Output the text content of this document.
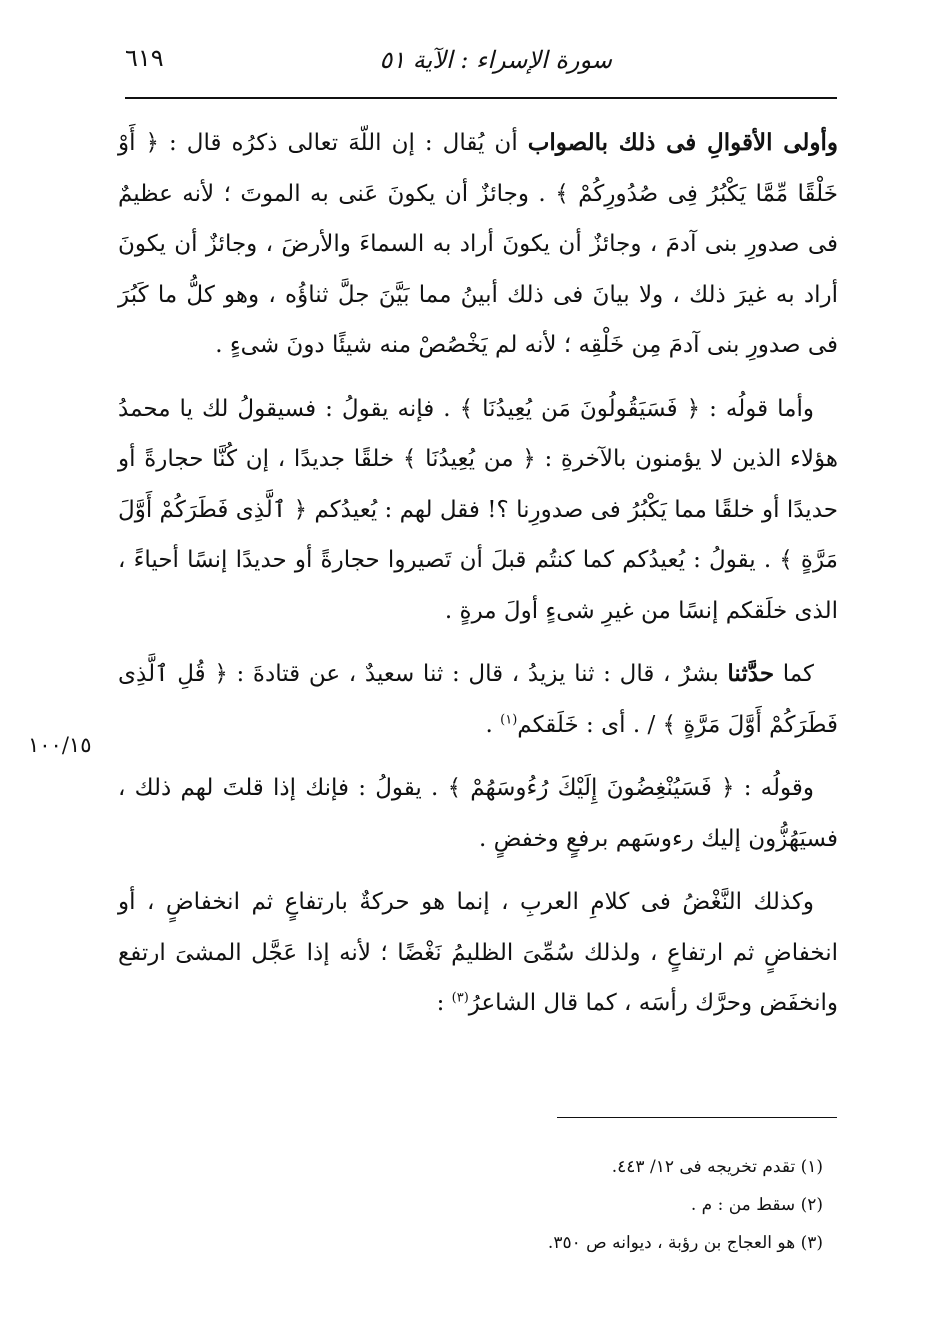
سورة الإسراء : الآية ٥١
٦١٩

وأولى الأقوالِ فى ذلك بالصواب أن يُقال : إن اللّهَ تعالى ذكرُه قال : ﴿ أَوْ خَلْقًا مِّمَّا يَكْبُرُ فِى صُدُورِكُمْ ﴾ . وجائزٌ أن يكونَ عَنى به الموتَ ؛ لأنه عظيمٌ فى صدورِ بنى آدمَ ، وجائزٌ أن يكونَ أراد به السماءَ والأرضَ ، وجائزٌ أن يكونَ أراد به غيرَ ذلك ، ولا بيانَ فى ذلك أبينُ مما بَيَّنَ جلَّ ثناؤُه ، وهو كلُّ ما كَبُرَ فى صدورِ بنى آدمَ مِن خَلْقِه ؛ لأنه لم يَخْصُصْ منه شيئًا دونَ شىءٍ .

وأما قولُه : ﴿ فَسَيَقُولُونَ مَن يُعِيدُنَا ﴾ . فإنه يقولُ : فسيقولُ لك يا محمدُ هؤلاء الذين لا يؤمنون بالآخرةِ : ﴿ من يُعِيدُنَا ﴾ خلقًا جديدًا ، إن كُنَّا حجارةً أو حديدًا أو خلقًا مما يَكْبُرُ فى صدورِنا ؟! فقل لهم : يُعيدُكم ﴿ ٱلَّذِى فَطَرَكُمْ أَوَّلَ مَرَّةٍ ﴾ . يقولُ : يُعيدُكم كما كنتُم قبلَ أن تَصيروا حجارةً أو حديدًا إنسًا أحياءً ، الذى خلَقكم إنسًا من غيرِ شىءٍ أولَ مرةٍ .

كما حدَّثنا بشرٌ ، قال : ثنا يزيدُ ، قال : ثنا سعيدٌ ، عن قتادةَ : ﴿ قُلِ ٱلَّذِى فَطَرَكُمْ أَوَّلَ مَرَّةٍ ﴾ / . أى : خَلَقكم$^{(١)}$ .

وقولُه : ﴿ فَسَيُنْغِضُونَ إِلَيْكَ رُءُوسَهُمْ ﴾ . يقولُ : فإنك إذا قلتَ لهم ذلك ، فسيَهُزُّون إليك رءوسَهم برفعٍ وخفضٍ .

وكذلك النَّغْضُ فى كلامِ العربِ ، إنما هو حركةٌ بارتفاعٍ ثم انخفاضٍ ، أو انخفاضٍ ثم ارتفاعٍ ، ولذلك سُمِّىَ الظليمُ نَغْضًا ؛ لأنه إذا عَجَّل المشىَ ارتفع وانخفَض وحرَّك رأسَه ، كما قال الشاعرُ$^{(٣)}$ :

١٠٠/١٥
(١) تقدم تخريجه فى ١٢/ ٤٤٣.
(٢) سقط من : م .
(٣) هو العجاج بن رؤبة ، ديوانه ص ٣٥٠.
